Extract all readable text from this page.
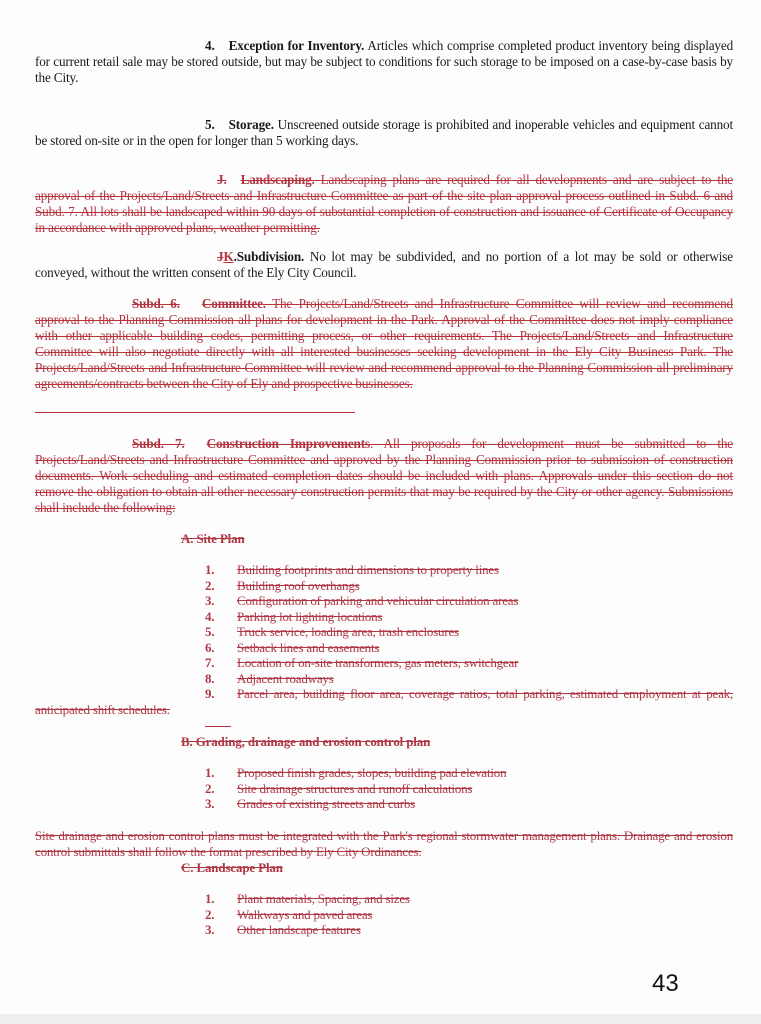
4. Exception for Inventory. Articles which comprise completed product inventory being displayed for current retail sale may be stored outside, but may be subject to conditions for such storage to be imposed on a case-by-case basis by the City.
5. Storage. Unscreened outside storage is prohibited and inoperable vehicles and equipment cannot be stored on-site or in the open for longer than 5 working days.
J. Landscaping. Landscaping plans are required for all developments and are subject to the approval of the Projects/Land/Streets and Infrastructure Committee as part of the site plan approval process outlined in Subd. 6 and Subd. 7. All lots shall be landscaped within 90 days of substantial completion of construction and issuance of Certificate of Occupancy in accordance with approved plans, weather permitting.
JK.Subdivision. No lot may be subdivided, and no portion of a lot may be sold or otherwise conveyed, without the written consent of the Ely City Council.
Subd. 6. Committee. The Projects/Land/Streets and Infrastructure Committee will review and recommend approval to the Planning Commission all plans for development in the Park. Approval of the Committee does not imply compliance with other applicable building codes, permitting process, or other requirements. The Projects/Land/Streets and Infrastructure Committee will also negotiate directly with all interested businesses seeking development in the Ely City Business Park. The Projects/Land/Streets and Infrastructure Committee will review and recommend approval to the Planning Commission all preliminary agreements/contracts between the City of Ely and prospective businesses.
Subd. 7. Construction Improvements. All proposals for development must be submitted to the Projects/Land/Streets and Infrastructure Committee and approved by the Planning Commission prior to submission of construction documents. Work scheduling and estimated completion dates should be included with plans. Approvals under this section do not remove the obligation to obtain all other necessary construction permits that may be required by the City or other agency. Submissions shall include the following:
A. Site Plan
1. Building footprints and dimensions to property lines
2. Building roof overhangs
3. Configuration of parking and vehicular circulation areas
4. Parking lot lighting locations
5. Truck service, loading area, trash enclosures
6. Setback lines and easements
7. Location of on-site transformers, gas meters, switchgear
8. Adjacent roadways
9. Parcel area, building floor area, coverage ratios, total parking, estimated employment at peak, anticipated shift schedules.
B. Grading, drainage and erosion control plan
1. Proposed finish grades, slopes, building pad elevation
2. Site drainage structures and runoff calculations
3. Grades of existing streets and curbs
Site drainage and erosion control plans must be integrated with the Park's regional stormwater management plans. Drainage and erosion control submittals shall follow the format prescribed by Ely City Ordinances.
C. Landscape Plan
1. Plant materials, Spacing, and sizes
2. Walkways and paved areas
3. Other landscape features
43
